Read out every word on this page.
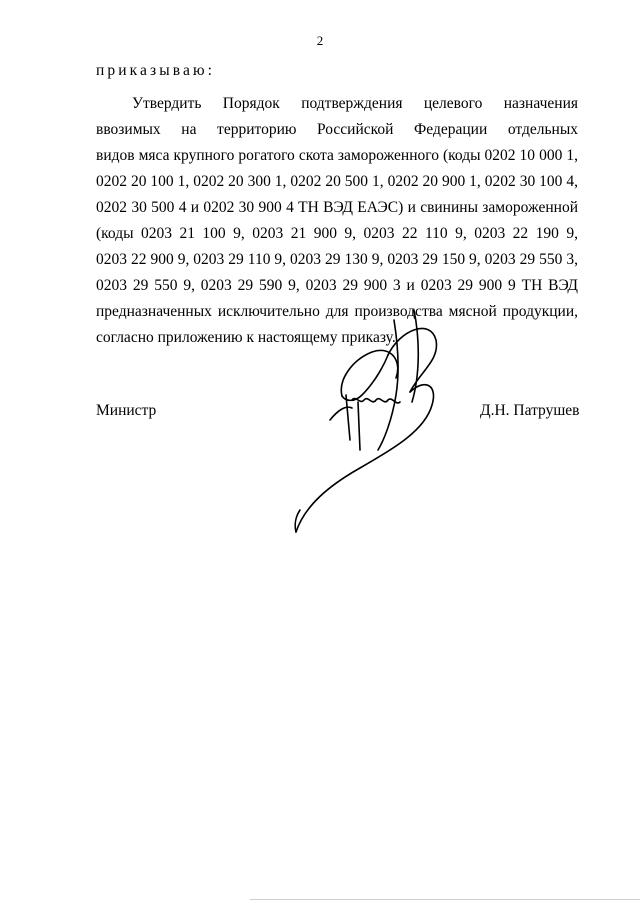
2
приказываю:
Утвердить Порядок подтверждения целевого назначения
ввозимых на территорию Российской Федерации отдельных
видов мяса крупного рогатого скота замороженного (коды 0202 10 000 1,
0202 20 100 1, 0202 20 300 1, 0202 20 500 1, 0202 20 900 1, 0202 30 100 4,
0202 30 500 4 и 0202 30 900 4 ТН ВЭД ЕАЭС) и свинины замороженной
(коды 0203 21 100 9, 0203 21 900 9, 0203 22 110 9, 0203 22 190 9,
0203 22 900 9, 0203 29 110 9, 0203 29 130 9, 0203 29 150 9, 0203 29 550 3,
0203 29 550 9, 0203 29 590 9, 0203 29 900 3 и 0203 29 900 9 ТН ВЭД
предназначенных исключительно для производства мясной продукции,
согласно приложению к настоящему приказу.
Министр	Д.Н. Патрушев
